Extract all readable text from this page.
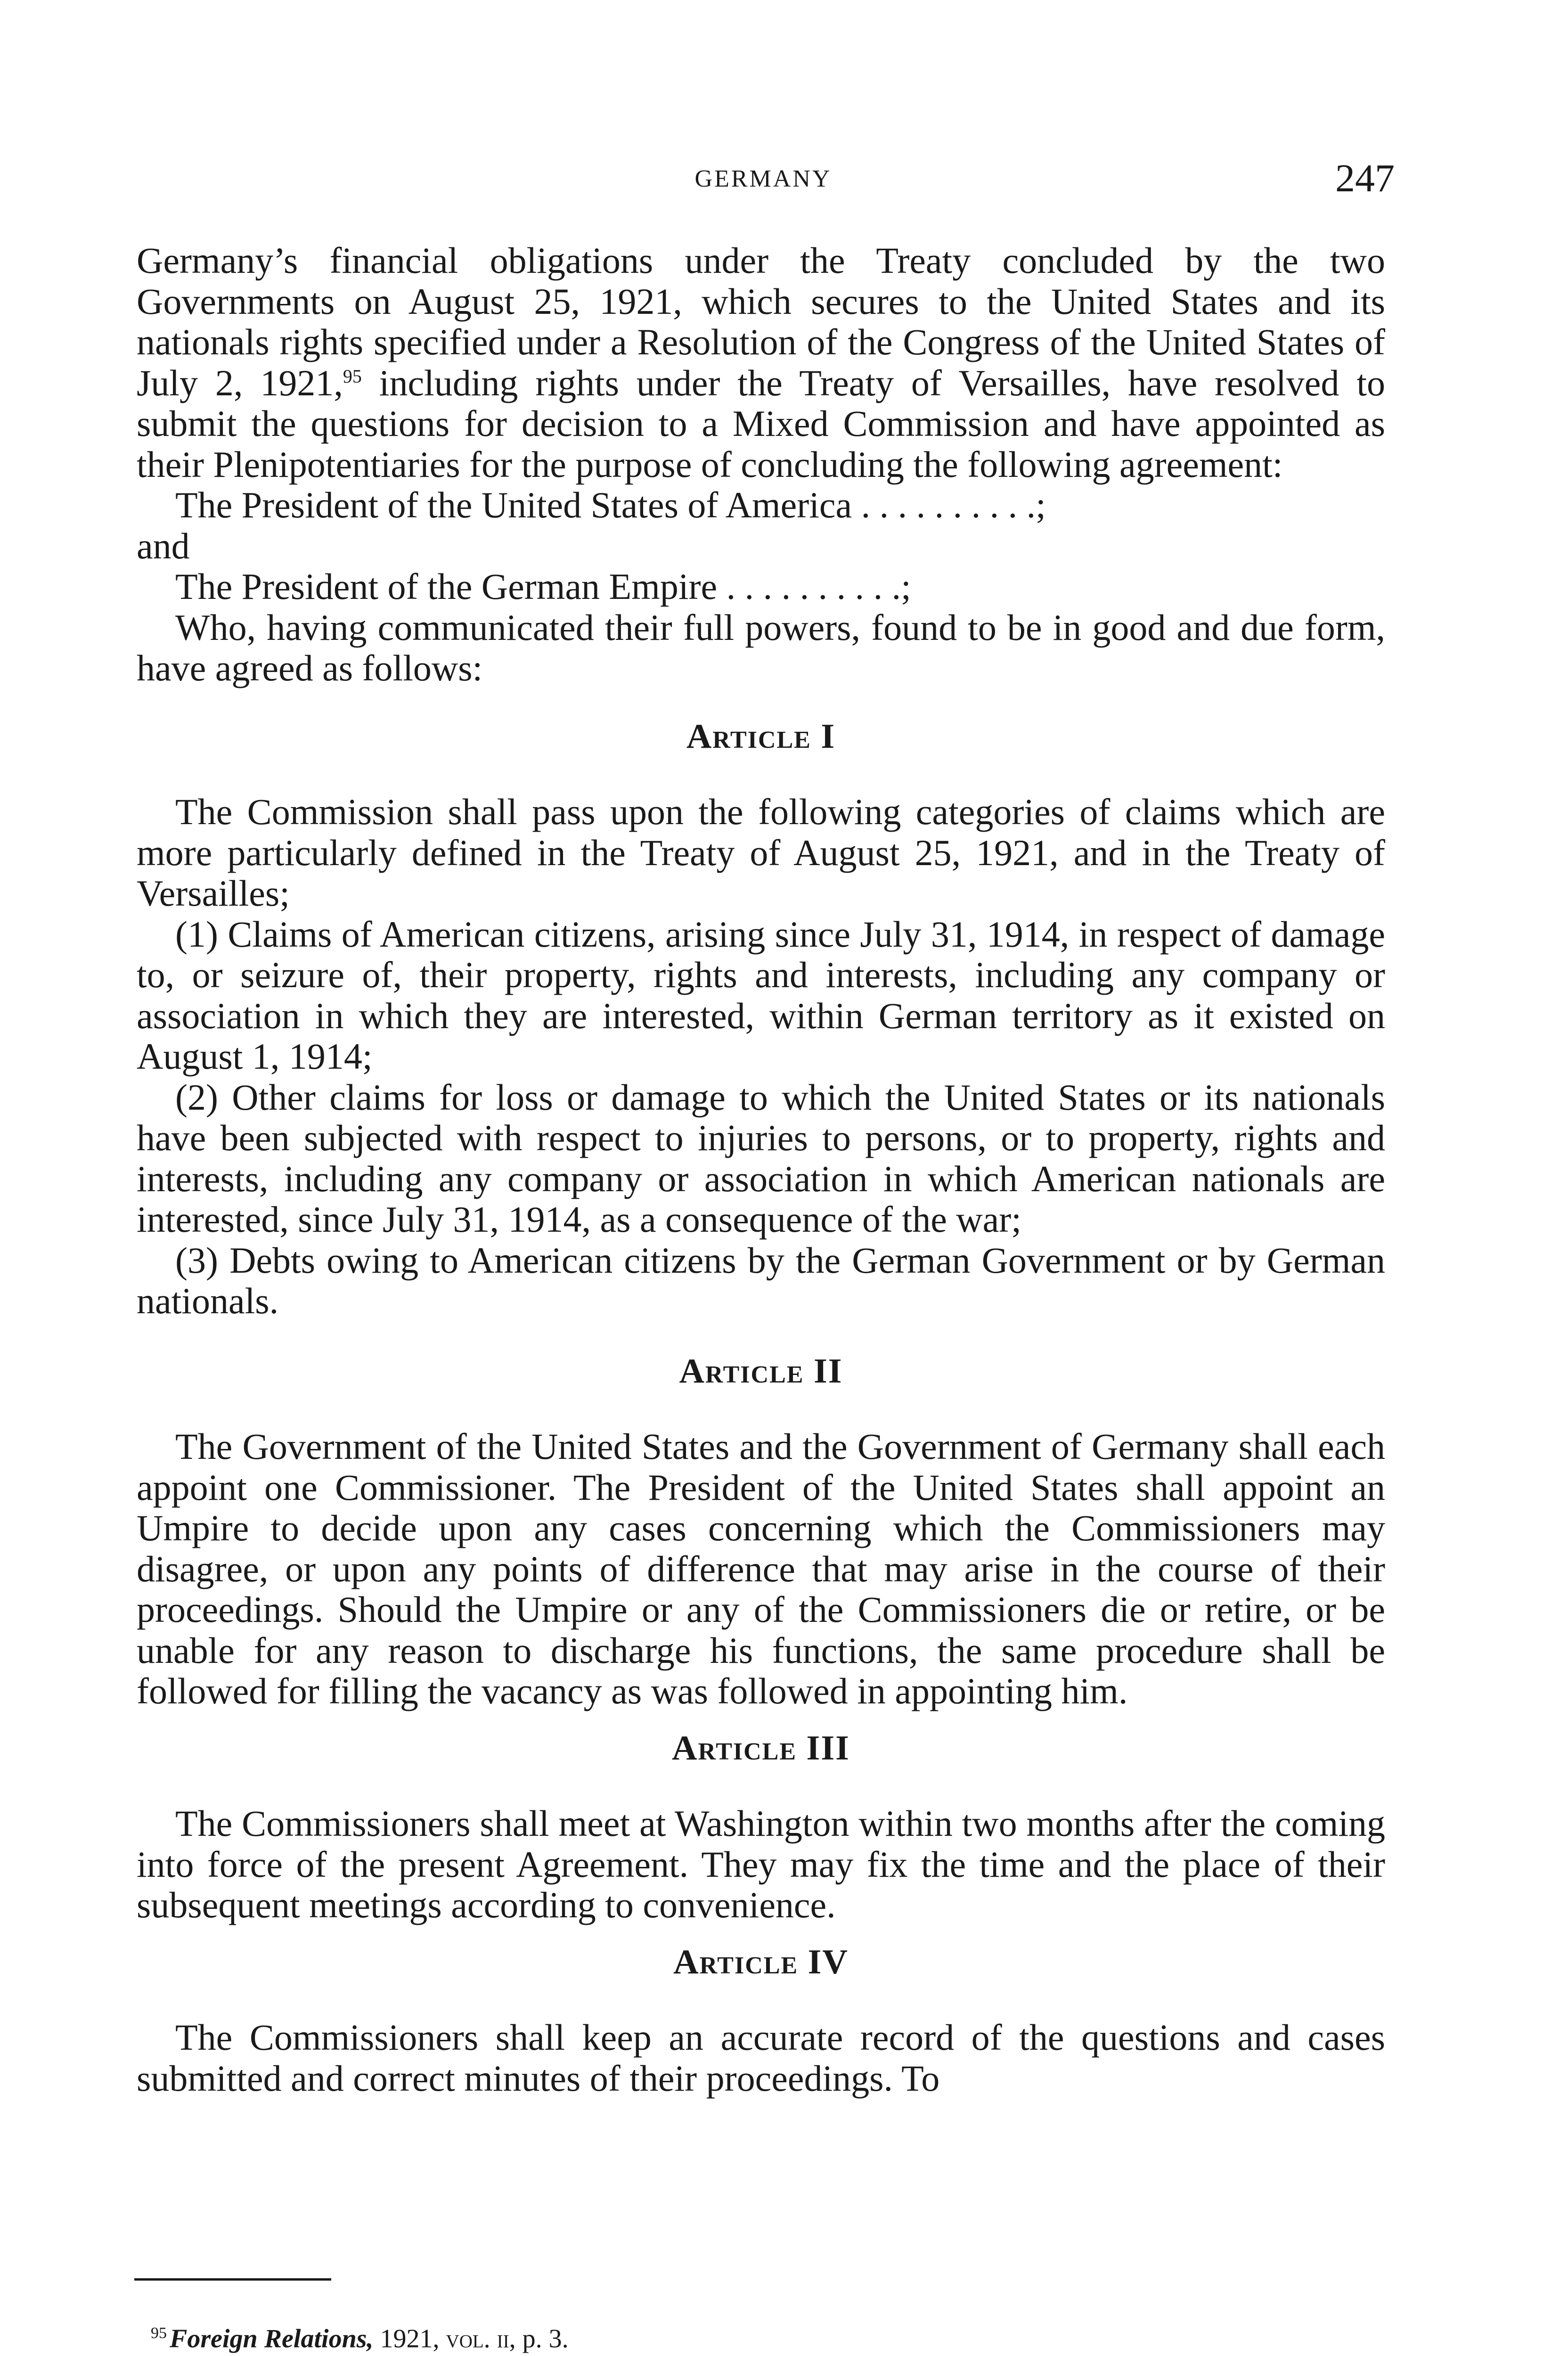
GERMANY	247

Germany’s financial obligations under the Treaty concluded by the two Governments on August 25, 1921, which secures to the United States and its nationals rights specified under a Resolution of the Congress of the United States of July 2, 1921,95 including rights under the Treaty of Versailles, have resolved to submit the questions for decision to a Mixed Commission and have appointed as their Plenipotentiaries for the purpose of concluding the following agreement:

The President of the United States of America . . . . . . . . . .;

and

The President of the German Empire . . . . . . . . . .;

Who, having communicated their full powers, found to be in good and due form, have agreed as follows:

Article I

The Commission shall pass upon the following categories of claims which are more particularly defined in the Treaty of August 25, 1921, and in the Treaty of Versailles;

(1) Claims of American citizens, arising since July 31, 1914, in respect of damage to, or seizure of, their property, rights and interests, including any company or association in which they are interested, within German territory as it existed on August 1, 1914;

(2) Other claims for loss or damage to which the United States or its nationals have been subjected with respect to injuries to persons, or to property, rights and interests, including any company or association in which American nationals are interested, since July 31, 1914, as a consequence of the war;

(3) Debts owing to American citizens by the German Government or by German nationals.

Article II

The Government of the United States and the Government of Germany shall each appoint one Commissioner. The President of the United States shall appoint an Umpire to decide upon any cases concerning which the Commissioners may disagree, or upon any points of difference that may arise in the course of their proceedings. Should the Umpire or any of the Commissioners die or retire, or be unable for any reason to discharge his functions, the same procedure shall be followed for filling the vacancy as was followed in appointing him.

Article III

The Commissioners shall meet at Washington within two months after the coming into force of the present Agreement. They may fix the time and the place of their subsequent meetings according to convenience.

Article IV

The Commissioners shall keep an accurate record of the questions and cases submitted and correct minutes of their proceedings. To

$^{95}$ Foreign Relations, 1921, vol. ii, p. 3.
